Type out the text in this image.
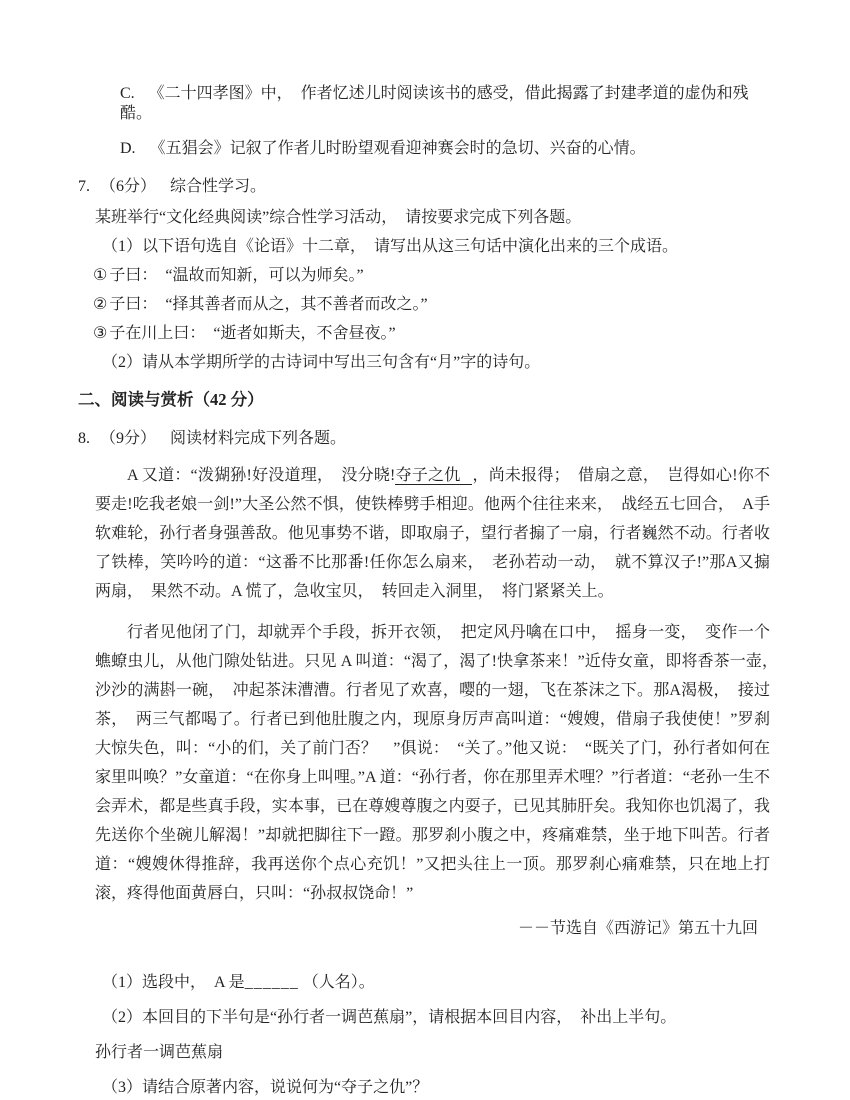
C. 《二十四孝图》中，　作者忆述儿时阅读该书的感受，借此揭露了封建孝道的虚伪和残酷。
D. 《五猖会》记叙了作者儿时盼望观看迎神赛会时的急切、兴奋的心情。
7. （6分） 综合性学习。
某班举行“文化经典阅读”综合性学习活动，　请按要求完成下列各题。
（1）以下语句选自《论语》十二章，　请写出从这三句话中演化出来的三个成语。
① 子曰：　“温故而知新，可以为师矣。”
② 子曰：　“择其善者而从之，其不善者而改之。”
③ 子在川上曰：　“逝者如斯夫，不舍昼夜。”
（2）请从本学期所学的古诗词中写出三句含有“月”字的诗句。
二、阅读与赏析（42 分）
8. （9分） 阅读材料完成下列各题。

A 又道：“泼猢狲!好没道理，　没分晓!夺子之仇 ，尚未报得；　借扇之意，　岂得如心!你不要走!吃我老娘一剑!”大圣公然不惧，使铁棒劈手相迎。他两个往往来来，　战经五七回合，　A手软难轮，孙行者身强善敌。他见事势不谐，即取扇子，望行者搧了一扇，行者巍然不动。行者收了铁棒，笑吟吟的道：“这番不比那番!任你怎么扇来，　老孙若动一动，　就不算汉子!”那A又搧两扇，　果然不动。A 慌了，急收宝贝，　转回走入洞里，　将门紧紧关上。

行者见他闭了门，却就弄个手段，拆开衣领，　把定风丹噙在口中，　摇身一变，　变作一个蟭蟟虫儿，从他门隙处钻进。只见 A 叫道：“渴了，渴了!快拿茶来！”近侍女童，即将香茶一壶，　沙沙的满斟一碗，　冲起茶沫漕漕。行者见了欢喜，嘤的一翅，飞在茶沫之下。那A渴极，　接过茶，　两三气都喝了。行者已到他肚腹之内，现原身厉声高叫道：“嫂嫂，借扇子我使使！”罗刹大惊失色，叫：“小的们，关了前门否？　”俱说：　“关了。”他又说：　“既关了门，孙行者如何在家里叫唤？”女童道：“在你身上叫哩。”A 道：“孙行者，你在那里弄术哩？”行者道：“老孙一生不会弄术，都是些真手段，实本事，已在尊嫂尊腹之内耍子，已见其肺肝矣。我知你也饥渴了，我先送你个坐碗儿解渴！”却就把脚往下一蹬。那罗刹小腹之中，疼痛难禁，坐于地下叫苦。行者道：“嫂嫂休得推辞，我再送你个点心充饥！”又把头往上一顶。那罗刹心痛难禁，只在地上打滚，疼得他面黄唇白，只叫：“孙叔叔饶命！”

－－节选自《西游记》第五十九回
（1）选段中，　A 是______ （人名）。
（2）本回目的下半句是“孙行者一调芭蕉扇”，请根据本回目内容，　补出上半句。
孙行者一调芭蕉扇
（3）请结合原著内容，说说何为“夺子之仇”？
